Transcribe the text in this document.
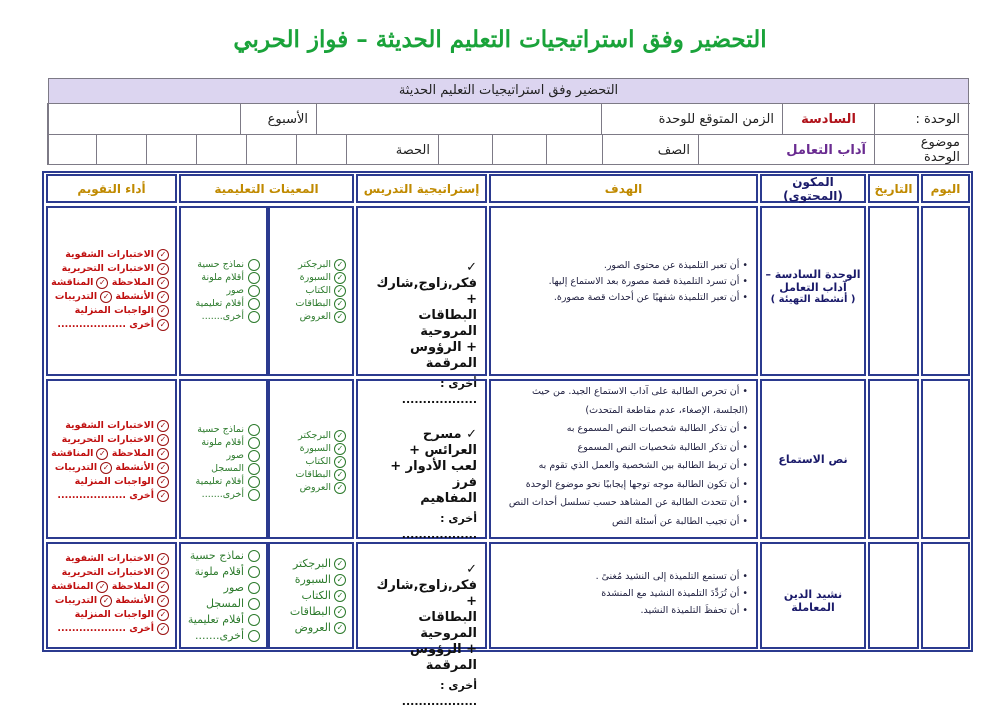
التحضير وفق استراتيجيات التعليم الحديثة – فواز الحربي
التحضير وفق استراتيجيات التعليم الحديثة
الوحدة :
السادسة
الزمن المتوقع للوحدة
الأسبوع
موضوع الوحدة
آداب التعامل
الصف
الحصة
اليوم
التاريخ
المكون (المحتوى)
الهدف
إستراتيجية التدريس
المعينات التعليمية
أداء التقويم
الوحدة السادسة –
آداب التعامل
( أنشطة التهيئة )
• أن تعبر التلميذة عن محتوى الصور.
• أن تسرد التلميذة قصة مصورة بعد الاستماع إليها.
• أن تعبر التلميذة شفهيًا عن أحداث قصة مصورة.
✓ فكر,زاوج,شارك +
البطاقات المروحية
+ الرؤوس المرقمة
أخرى : ..................
✓البرجكتر
✓السبورة
✓الكتاب
✓البطاقات
✓العروض
نماذج حسية
أقلام ملونة
صور
أفلام تعليمية
أخرى.......
✓الاختبارات الشفوية
✓الاختبارات التحريرية
✓الملاحظة ✓المناقشة
✓الأنشطة ✓التدريبات
✓الواجبات المنزلية
✓أخرى ...................
نص الاستماع
• أن تحرص الطالبة على آداب الاستماع الجيد. من حيث
(الجلسة، الإصغاء، عدم مقاطعة المتحدث)
• أن تذكر الطالبة شخصيات النص المسموع به
• أن تذكر الطالبة شخصيات النص المسموع
• أن تربط الطالبة بين الشخصية والعمل الذي تقوم به
• أن تكون الطالبة موجه توجها إيجابيًا نحو موضوع الوحدة
• أن تتحدث الطالبة عن المشاهد حسب تسلسل أحداث النص
• أن تجيب الطالبة عن أسئلة النص
✓ مسرح العرائس +
لعب الأدوار + فرز
المفاهيم
أخرى : ..................
✓البرجكتر
✓السبورة
✓الكتاب
✓البطاقات
✓العروض
نماذج حسية
أقلام ملونة
صور
المسجل
أفلام تعليمية
أخرى.......
✓الاختبارات الشفوية
✓الاختبارات التحريرية
✓الملاحظة ✓المناقشة
✓الأنشطة ✓التدريبات
✓الواجبات المنزلية
✓أخرى ...................
نشيد الدين المعاملة
• أن تستمع التلميذة إلى النشيد مُغنىً .
• أن تُرَدِّدَ التلميذة النشيد مع المنشدة
• أن تحفظَ التلميذة النشيد.
✓ فكر,زاوج,شارك +
البطاقات المروحية
+ الرؤوس المرقمة
أخرى : ..................
✓البرجكتر
✓السبورة
✓الكتاب
✓البطاقات
✓العروض
نماذج حسية
أقلام ملونة
صور
المسجل
أفلام تعليمية
أخرى.......
✓الاختبارات الشفوية
✓الاختبارات التحريرية
✓الملاحظة ✓المناقشة
✓الأنشطة ✓التدريبات
✓الواجبات المنزلية
✓أخرى ...................
